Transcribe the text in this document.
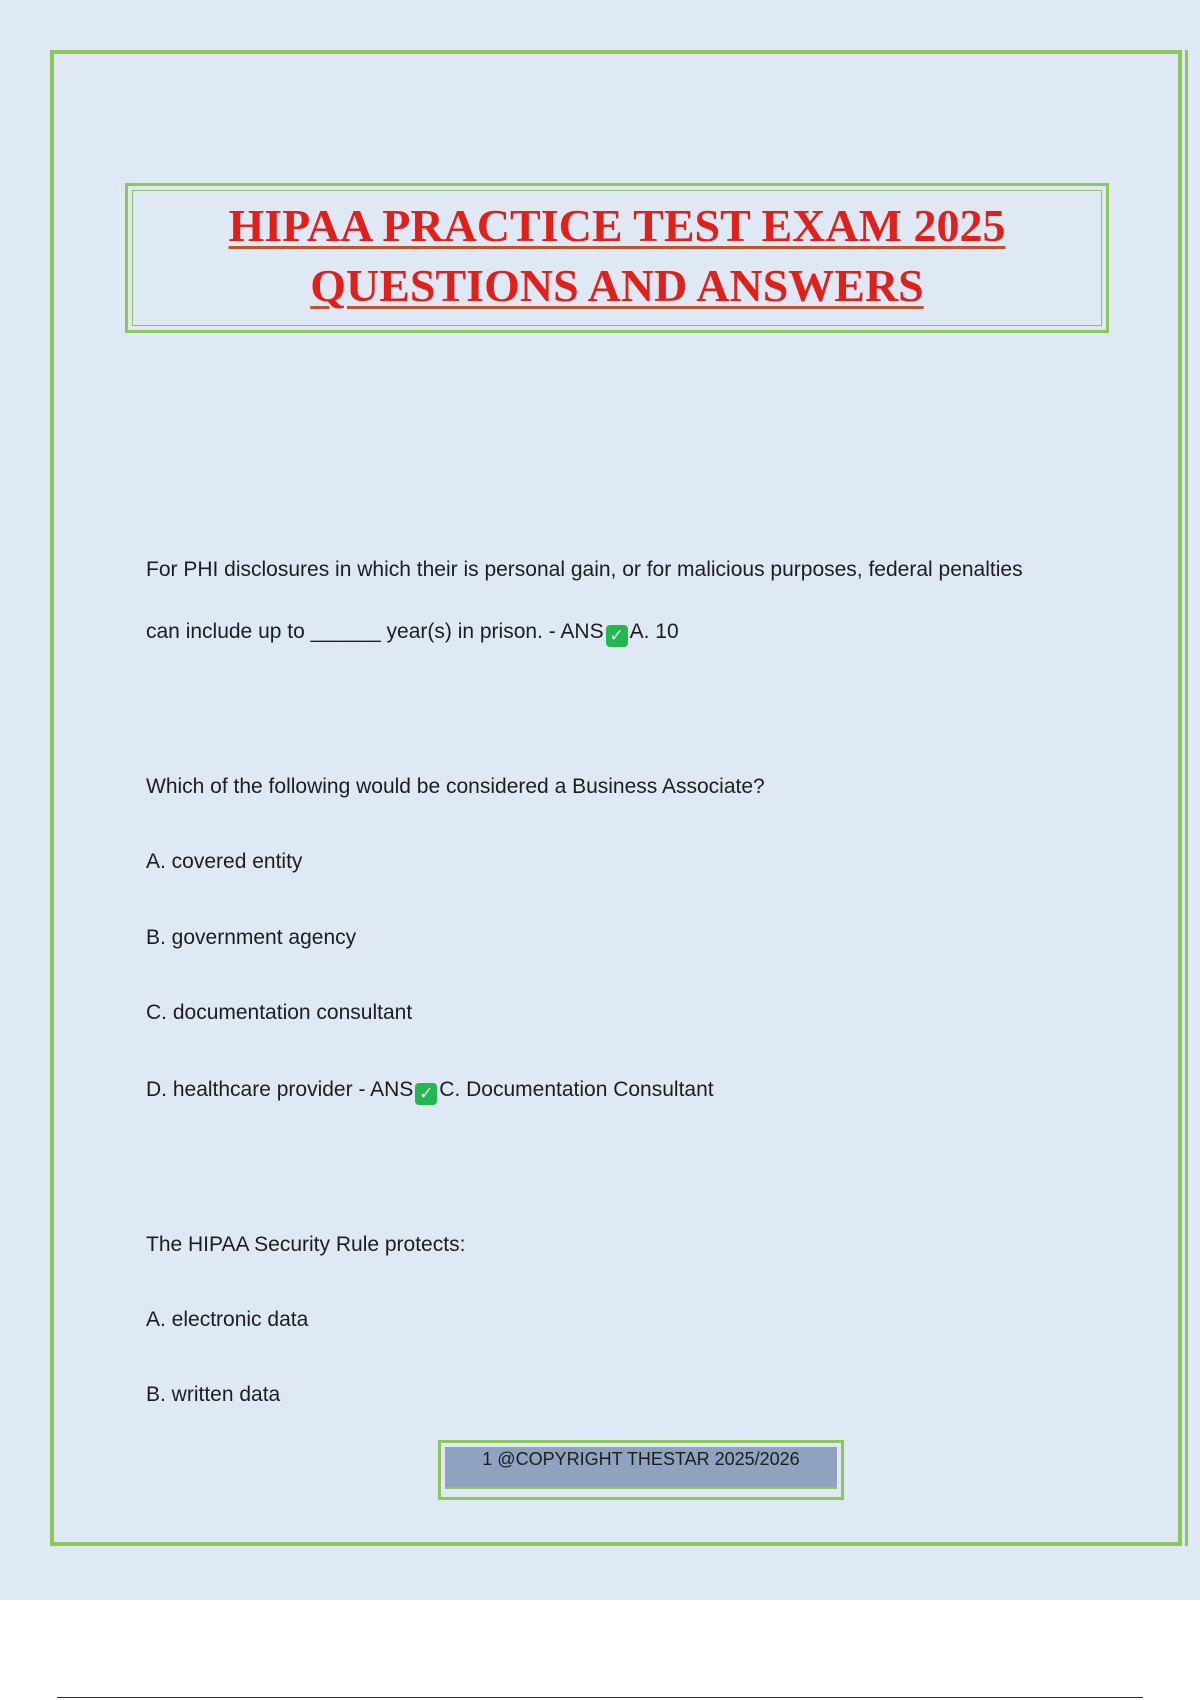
HIPAA PRACTICE TEST EXAM 2025
QUESTIONS AND ANSWERS
For PHI disclosures in which their is personal gain, or for malicious purposes, federal penalties
can include up to ______ year(s) in prison. - ANS ✓ A. 10
Which of the following would be considered a Business Associate?
A. covered entity
B. government agency
C. documentation consultant
D. healthcare provider - ANS ✓ C. Documentation Consultant
The HIPAA Security Rule protects:
A. electronic data
B. written data
1 @COPYRIGHT THESTAR 2025/2026
